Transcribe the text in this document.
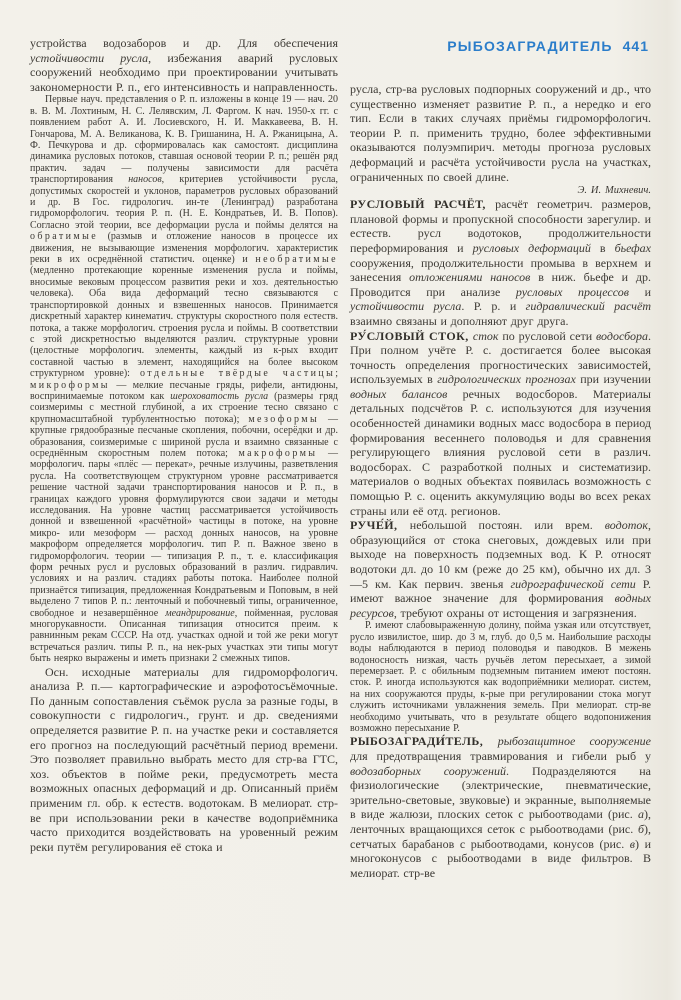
устройства водозаборов и др. Для обеспечения устойчивости русла, избежания аварий русловых сооружений необходимо при проектировании учитывать закономерности Р. п., его интенсивность и направленность.

Первые науч. представления о Р. п. изложены в конце 19 — нач. 20 в. В. М. Лохтиным, Н. С. Лелявским, Л. Фаргом. К нач. 1950-х гг. с появлением работ А. И. Лосиевского, Н. И. Маккавеева, В. Н. Гончарова, М. А. Великанова, К. В. Гришанина, Н. А. Ржаницына, А. Ф. Печкурова и др. сформировалась как самостоят. дисциплина динамика русловых потоков, ставшая основой теории Р. п.; решён ряд практич. задач — получены зависимости для расчёта транспортирования наносов, критериев устойчивости русла, допустимых скоростей и уклонов, параметров русловых образований и др. В Гос. гидрологич. ин-те (Ленинград) разработана гидроморфологич. теория Р. п. (Н. Е. Кондратьев, И. В. Попов). Согласно этой теории, все деформации русла и поймы делятся на обратимые (размыв и отложение наносов в процессе их движения, не вызывающие изменения морфологич. характеристик реки в их осреднённой статистич. оценке) и необратимые (медленно протекающие коренные изменения русла и поймы, вносимые вековым процессом развития реки и хоз. деятельностью человека). Оба вида деформаций тесно связываются с транспортировкой донных и взвешенных наносов. Принимается дискретный характер кинематич. структуры скоростного поля естеств. потока, а также морфологич. строения русла и поймы. В соответствии с этой дискретностью выделяются различ. структурные уровни (целостные морфологич. элементы, каждый из к-рых входит составной частью в элемент, находящийся на более высоком структурном уровне): отдельные твёрдые частицы; микроформы — мелкие песчаные гряды, рифели, антидюны, воспринимаемые потоком как шероховатость русла (размеры гряд соизмеримы с местной глубиной, а их строение тесно связано с крупномасштабной турбулентностью потока); мезоформы — крупные грядообразные песчаные скопления, побочни, осерёдки и др. образования, соизмеримые с шириной русла и взаимно связанные с осреднённым скоростным полем потока; макроформы — морфологич. пары «плёс — перекат», речные излучины, разветвления русла. На соответствующем структурном уровне рассматривается решение частной задачи транспортирования наносов и Р. п., в границах каждого уровня формулируются свои задачи и методы исследования. На уровне частиц рассматривается устойчивость донной и взвешенной «расчётной» частицы в потоке, на уровне микро- или мезоформ — расход донных наносов, на уровне макроформ определяется морфологич. тип Р. п. Важное звено в гидроморфологич. теории — типизация Р. п., т. е. классификация форм речных русл и русловых образований в различ. гидравлич. условиях и на различ. стадиях работы потока. Наиболее полной признаётся типизация, предложенная Кондратьевым и Поповым, в ней выделено 7 типов Р. п.: ленточный и побочневый типы, ограниченное, свободное и незавершённое меандрирование, пойменная, русловая многорукавности. Описанная типизация относится преим. к равнинным рекам СССР. На отд. участках одной и той же реки могут встречаться различ. типы Р. п., на нек-рых участках эти типы могут быть неярко выражены и иметь признаки 2 смежных типов.

Осн. исходные материалы для гидроморфологич. анализа Р. п.— картографические и аэрофотосъёмочные. По данным сопоставления съёмок русла за разные годы, в совокупности с гидрологич., грунт. и др. сведениями определяется развитие Р. п. на участке реки и составляется его прогноз на последующий расчётный период времени. Это позволяет правильно выбрать место для стр-ва ГТС, хоз. объектов в пойме реки, предусмотреть места возможных опасных деформаций и др. Описанный приём применим гл. обр. к естеств. водотокам. В мелиорат. стр-ве при использовании реки в качестве водоприёмника часто приходится воздействовать на уровенный режим реки путём регулирования её стока и

РЫБОЗАГРАДИТЕЛЬ 441

русла, стр-ва русловых подпорных сооружений и др., что существенно изменяет развитие Р. п., а нередко и его тип. Если в таких случаях приёмы гидроморфологич. теории Р. п. применить трудно, более эффективными оказываются полуэмпирич. методы прогноза русловых деформаций и расчёта устойчивости русла на участках, ограниченных по своей длине.

Э. И. Михневич.

РУСЛОВЫЙ РАСЧЁТ, расчёт геометрич. размеров, плановой формы и пропускной способности зарегулир. и естеств. русл водотоков, продолжительности переформирования и русловых деформаций в бьефах сооружения, продолжительности промыва в верхнем и занесения отложениями наносов в ниж. бьефе и др. Проводится при анализе русловых процессов и устойчивости русла. Р. р. и гидравлический расчёт взаимно связаны и дополняют друг друга.

РУ́СЛОВЫЙ СТОК, сток по русловой сети водосбора. При полном учёте Р. с. достигается более высокая точность определения прогностических зависимостей, используемых в гидрологических прогнозах при изучении водных балансов речных водосборов. Материалы детальных подсчётов Р. с. используются для изучения особенностей динамики водных масс водосбора в период формирования весеннего половодья и для сравнения регулирующего влияния русловой сети в различ. водосборах. С разработкой полных и систематизир. материалов о водных объектах появилась возможность с помощью Р. с. оценить аккумуляцию воды во всех реках страны или её отд. регионов.

РУЧЕ́Й, небольшой постоян. или врем. водоток, образующийся от стока снеговых, дождевых или при выходе на поверхность подземных вод. К Р. относят водотоки дл. до 10 км (реже до 25 км), обычно их дл. 3—5 км. Как первич. звенья гидрографической сети Р. имеют важное значение для формирования водных ресурсов, требуют охраны от истощения и загрязнения.

Р. имеют слабовыраженную долину, пойма узкая или отсутствует, русло извилистое, шир. до 3 м, глуб. до 0,5 м. Наибольшие расходы воды наблюдаются в период половодья и паводков. В межень водоносность низкая, часть ручьёв летом пересыхает, а зимой перемерзает. Р. с обильным подземным питанием имеют постоян. сток. Р. иногда используются как водоприёмники мелиорат. систем, на них сооружаются пруды, к-рые при регулировании стока могут служить источниками увлажнения земель. При мелиорат. стр-ве необходимо учитывать, что в результате общего водопонижения возможно пересыхание Р.

РЫБОЗАГРАДИ́ТЕЛЬ, рыбозащитное сооружение для предотвращения травмирования и гибели рыб у водозаборных сооружений. Подразделяются на физиологические (электрические, пневматические, зрительно-световые, звуковые) и экранные, выполняемые в виде жалюзи, плоских сеток с рыбоотводами (рис. а), ленточных вращающихся сеток с рыбоотводами (рис. б), сетчатых барабанов с рыбоотводами, конусов (рис. в) и многоконусов с рыбоотводами в виде фильтров. В мелиорат. стр-ве
